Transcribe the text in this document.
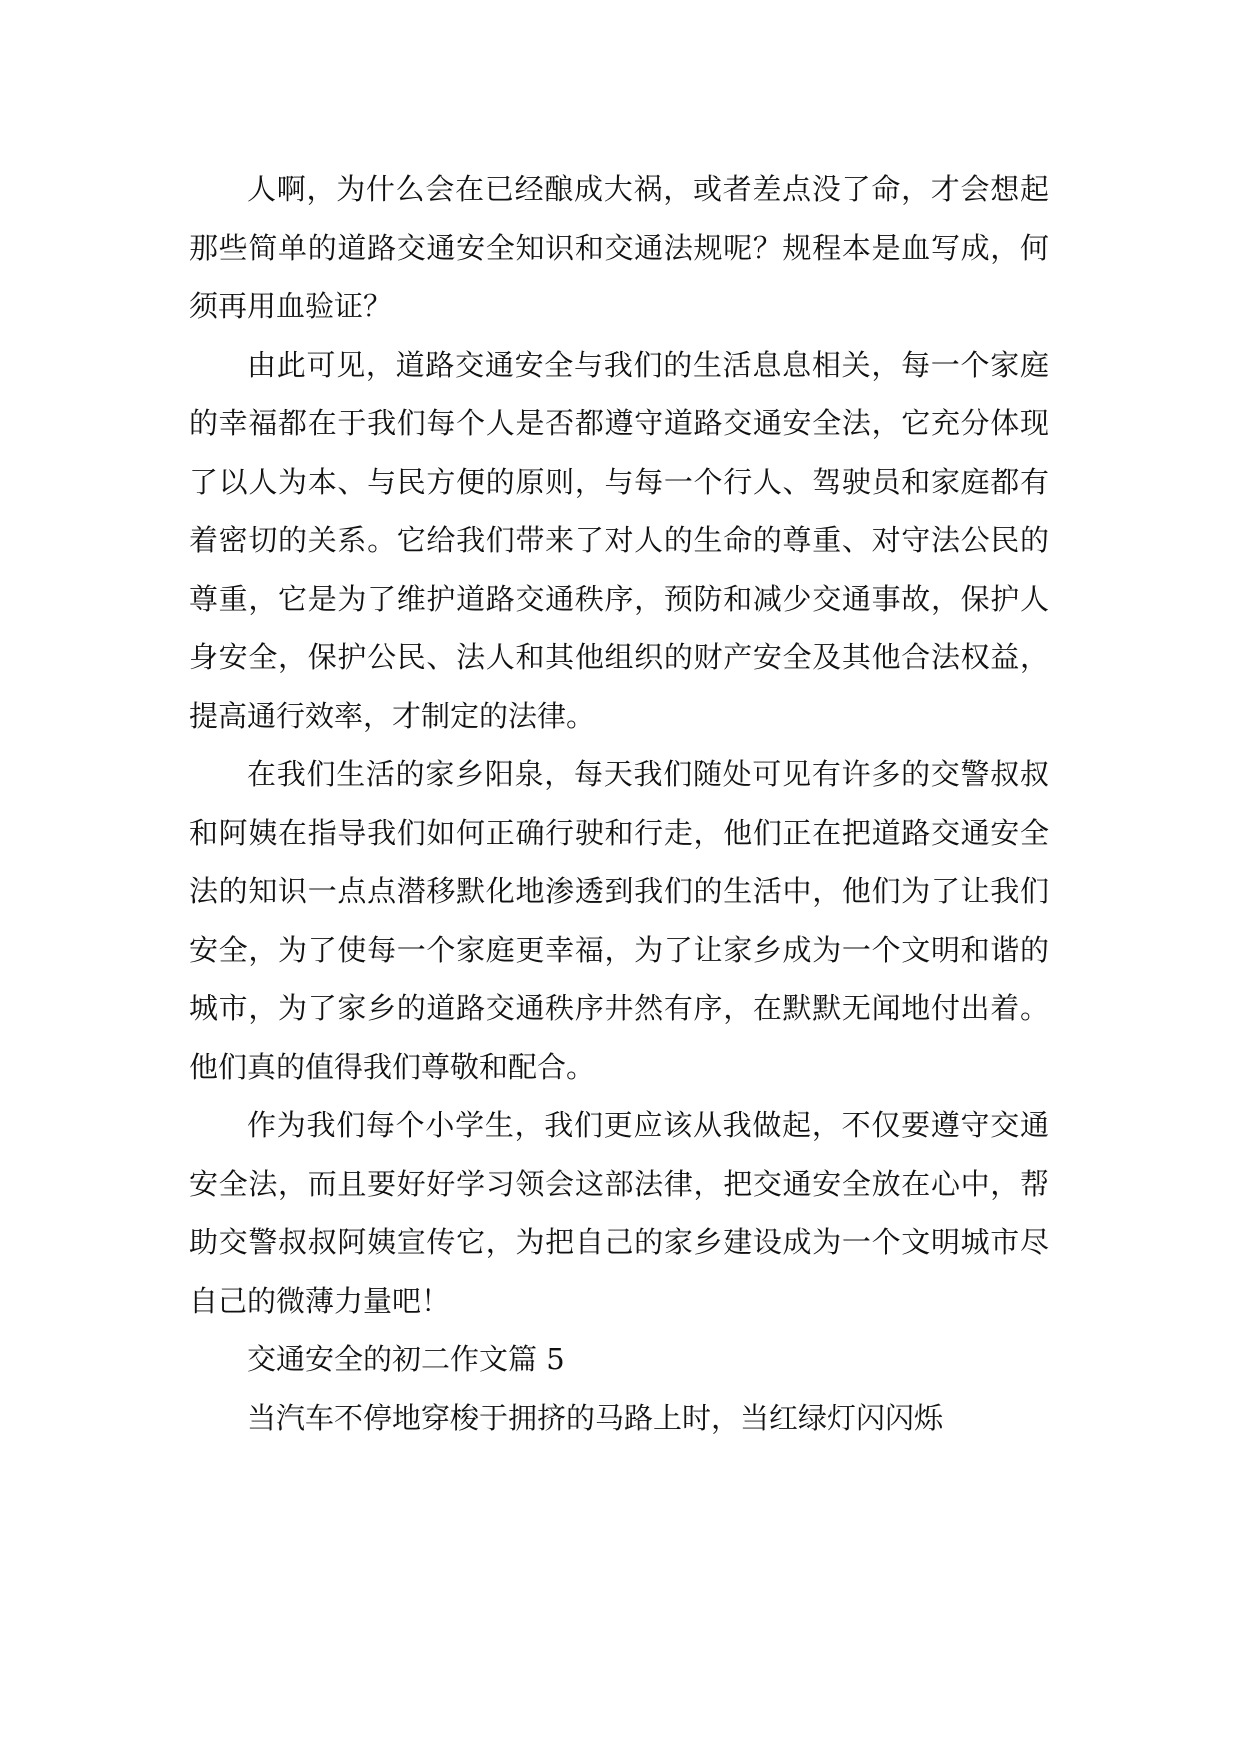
人啊，为什么会在已经酿成大祸，或者差点没了命，才会想起那些简单的道路交通安全知识和交通法规呢？规程本是血写成，何须再用血验证？

由此可见，道路交通安全与我们的生活息息相关，每一个家庭的幸福都在于我们每个人是否都遵守道路交通安全法，它充分体现了以人为本、与民方便的原则，与每一个行人、驾驶员和家庭都有着密切的关系。它给我们带来了对人的生命的尊重、对守法公民的尊重，它是为了维护道路交通秩序，预防和减少交通事故，保护人身安全，保护公民、法人和其他组织的财产安全及其他合法权益，提高通行效率，才制定的法律。

在我们生活的家乡阳泉，每天我们随处可见有许多的交警叔叔和阿姨在指导我们如何正确行驶和行走，他们正在把道路交通安全法的知识一点点潜移默化地渗透到我们的生活中，他们为了让我们安全，为了使每一个家庭更幸福，为了让家乡成为一个文明和谐的城市，为了家乡的道路交通秩序井然有序，在默默无闻地付出着。他们真的值得我们尊敬和配合。

作为我们每个小学生，我们更应该从我做起，不仅要遵守交通安全法，而且要好好学习领会这部法律，把交通安全放在心中，帮助交警叔叔阿姨宣传它，为把自己的家乡建设成为一个文明城市尽自己的微薄力量吧！

交通安全的初二作文篇 5

当汽车不停地穿梭于拥挤的马路上时，当红绿灯闪闪烁
